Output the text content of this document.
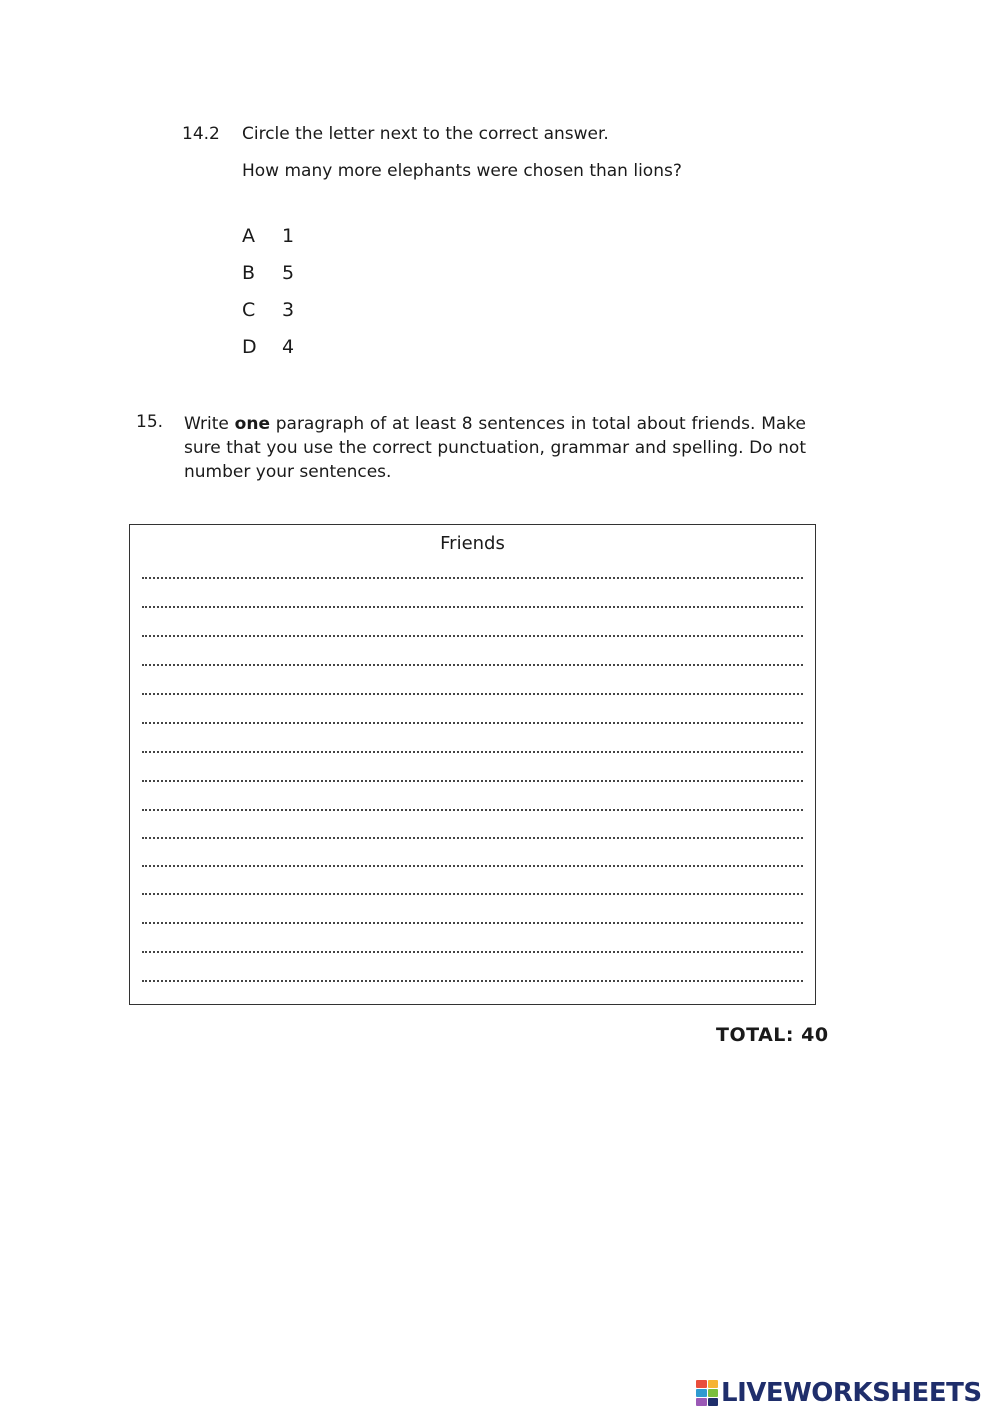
14.2 Circle the letter next to the correct answer.
How many more elephants were chosen than lions?
A 1
B 5
C 3
D 4
15. Write one paragraph of at least 8 sentences in total about friends. Make sure that you use the correct punctuation, grammar and spelling. Do not number your sentences.
Friends
TOTAL: 40
LIVEWORKSHEETS
